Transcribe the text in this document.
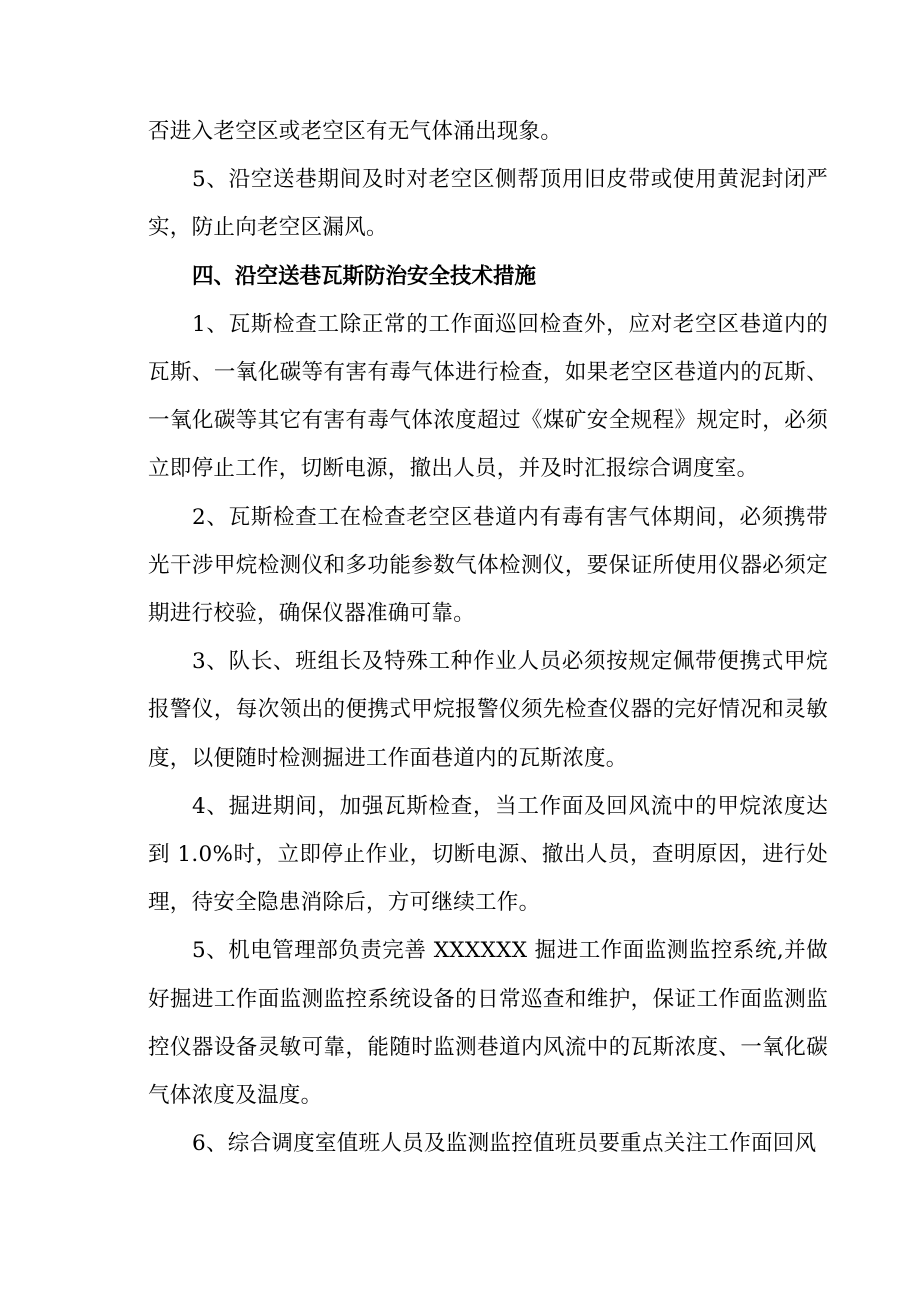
否进入老空区或老空区有无气体涌出现象。

5、沿空送巷期间及时对老空区侧帮顶用旧皮带或使用黄泥封闭严实，防止向老空区漏风。

四、沿空送巷瓦斯防治安全技术措施

1、瓦斯检查工除正常的工作面巡回检查外，应对老空区巷道内的瓦斯、一氧化碳等有害有毒气体进行检查，如果老空区巷道内的瓦斯、一氧化碳等其它有害有毒气体浓度超过《煤矿安全规程》规定时，必须立即停止工作，切断电源，撤出人员，并及时汇报综合调度室。

2、瓦斯检查工在检查老空区巷道内有毒有害气体期间，必须携带光干涉甲烷检测仪和多功能参数气体检测仪，要保证所使用仪器必须定期进行校验，确保仪器准确可靠。

3、队长、班组长及特殊工种作业人员必须按规定佩带便携式甲烷报警仪，每次领出的便携式甲烷报警仪须先检查仪器的完好情况和灵敏度，以便随时检测掘进工作面巷道内的瓦斯浓度。

4、掘进期间，加强瓦斯检查，当工作面及回风流中的甲烷浓度达到 1.0%时，立即停止作业，切断电源、撤出人员，查明原因，进行处理，待安全隐患消除后，方可继续工作。

5、机电管理部负责完善 XXXXXX 掘进工作面监测监控系统,并做好掘进工作面监测监控系统设备的日常巡查和维护，保证工作面监测监控仪器设备灵敏可靠，能随时监测巷道内风流中的瓦斯浓度、一氧化碳气体浓度及温度。

6、综合调度室值班人员及监测监控值班员要重点关注工作面回风
